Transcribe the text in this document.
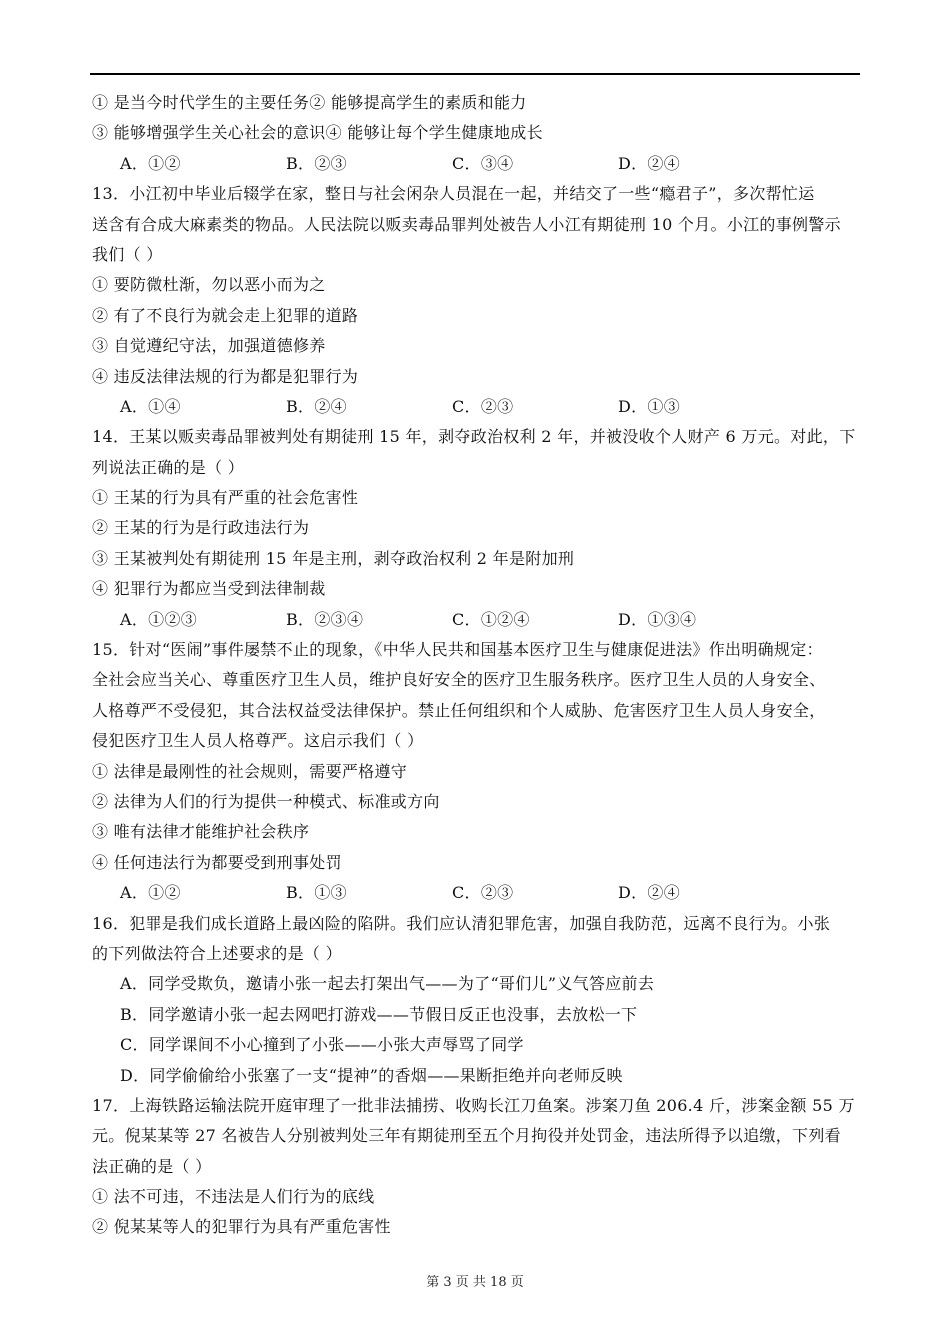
① 是当今时代学生的主要任务② 能够提高学生的素质和能力
③ 能够增强学生关心社会的意识④ 能够让每个学生健康地成长
A．①②	B．②③	C．③④	D．②④
13．小江初中毕业后辍学在家，整日与社会闲杂人员混在一起，并结交了一些“瘾君子”，多次帮忙运
送含有合成大麻素类的物品。人民法院以贩卖毒品罪判处被告人小江有期徒刑 10 个月。小江的事例警示
我们（ ）
① 要防微杜渐，勿以恶小而为之
② 有了不良行为就会走上犯罪的道路
③ 自觉遵纪守法，加强道德修养
④ 违反法律法规的行为都是犯罪行为
A．①④	B．②④	C．②③	D．①③
14．王某以贩卖毒品罪被判处有期徒刑 15 年，剥夺政治权利 2 年，并被没收个人财产 6 万元。对此，下
列说法正确的是（ ）
① 王某的行为具有严重的社会危害性
② 王某的行为是行政违法行为
③ 王某被判处有期徒刑 15 年是主刑，剥夺政治权利 2 年是附加刑
④ 犯罪行为都应当受到法律制裁
A．①②③	B．②③④	C．①②④	D．①③④
15．针对“医闹”事件屡禁不止的现象，《中华人民共和国基本医疗卫生与健康促进法》作出明确规定：
全社会应当关心、尊重医疗卫生人员，维护良好安全的医疗卫生服务秩序。医疗卫生人员的人身安全、
人格尊严不受侵犯，其合法权益受法律保护。禁止任何组织和个人威胁、危害医疗卫生人员人身安全，
侵犯医疗卫生人员人格尊严。这启示我们（ ）
① 法律是最刚性的社会规则，需要严格遵守
② 法律为人们的行为提供一种模式、标准或方向
③ 唯有法律才能维护社会秩序
④ 任何违法行为都要受到刑事处罚
A．①②	B．①③	C．②③	D．②④
16．犯罪是我们成长道路上最凶险的陷阱。我们应认清犯罪危害，加强自我防范，远离不良行为。小张
的下列做法符合上述要求的是（ ）
A．同学受欺负，邀请小张一起去打架出气——为了“哥们儿”义气答应前去
B．同学邀请小张一起去网吧打游戏——节假日反正也没事，去放松一下
C．同学课间不小心撞到了小张——小张大声辱骂了同学
D．同学偷偷给小张塞了一支“提神”的香烟——果断拒绝并向老师反映
17．上海铁路运输法院开庭审理了一批非法捕捞、收购长江刀鱼案。涉案刀鱼 206.4 斤，涉案金额 55 万
元。倪某某等 27 名被告人分别被判处三年有期徒刑至五个月拘役并处罚金，违法所得予以追缴，下列看
法正确的是（ ）
① 法不可违，不违法是人们行为的底线
② 倪某某等人的犯罪行为具有严重危害性
第 3 页 共 18 页
